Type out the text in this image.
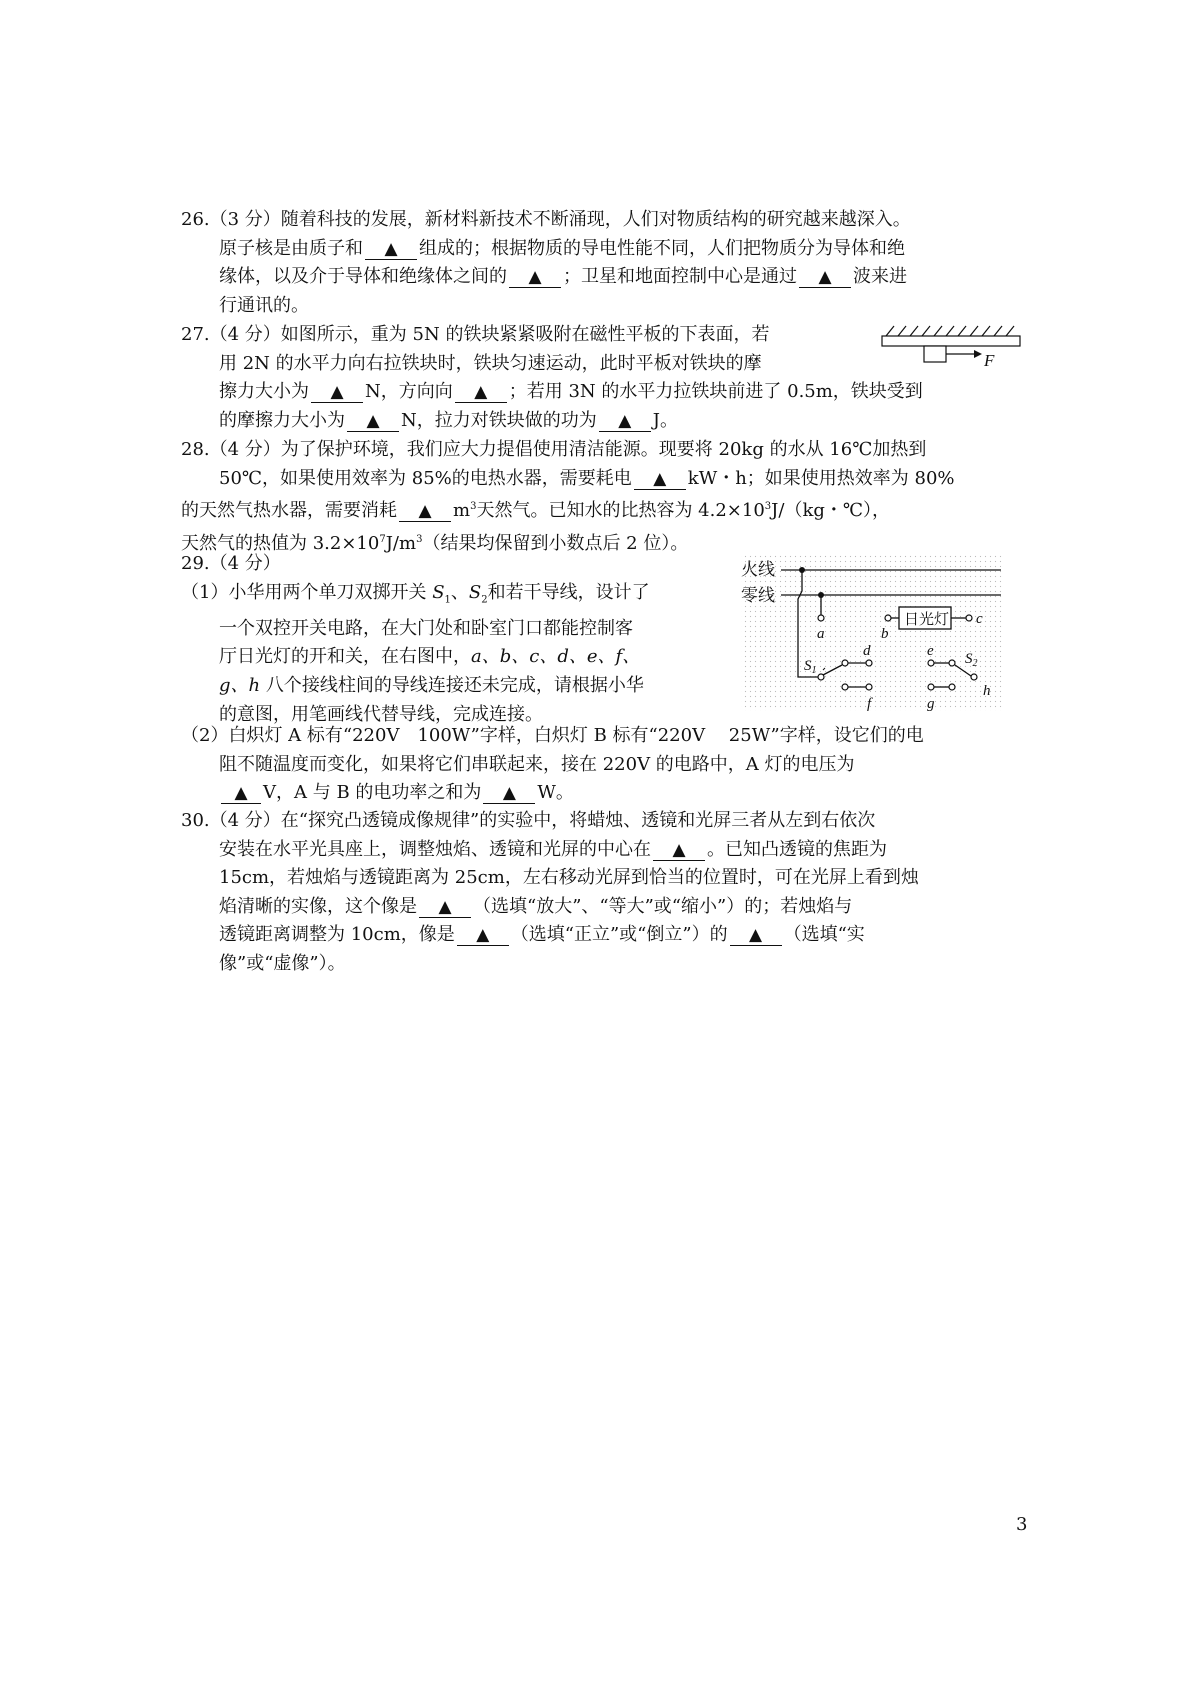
26.（3 分）随着科技的发展，新材料新技术不断涌现，人们对物质结构的研究越来越深入。
原子核是由质子和 ▲ 组成的；根据物质的导电性能不同，人们把物质分为导体和绝
缘体，以及介于导体和绝缘体之间的 ▲ ；卫星和地面控制中心是通过 ▲ 波来进
行通讯的。
27.（4 分）如图所示，重为 5N 的铁块紧紧吸附在磁性平板的下表面，若
用 2N 的水平力向右拉铁块时，铁块匀速运动，此时平板对铁块的摩
擦力大小为 ▲ N，方向向 ▲ ；若用 3N 的水平力拉铁块前进了 0.5m，铁块受到
的摩擦力大小为 ▲ N，拉力对铁块做的功为 ▲ J。
F
28.（4 分）为了保护环境，我们应大力提倡使用清洁能源。现要将 20kg 的水从 16℃加热到
50℃，如果使用效率为 85%的电热水器，需要耗电 ▲ kW・h；如果使用热效率为 80%
的天然气热水器，需要消耗 ▲ $m^3$天然气。已知水的比热容为 $4.2\times 10^3J/(kg$・℃），
天然气的热值为 $3.2\times 10^7J/m^3$（结果均保留到小数点后 2 位）。
29.（4 分）
（1）小华用两个单刀双掷开关 $S_1$、$S_2$和若干导线，设计了
一个双控开关电路，在大门处和卧室门口都能控制客
厅日光灯的开和关，在右图中，a、b、c、d、e、f、
g、h 八个接线柱间的导线连接还未完成，请根据小华
的意图，用笔画线代替导线，完成连接。
（2）白炽灯 A 标有“220V　100W”字样，白炽灯 B 标有“220V　 25W”字样，设它们的电
阻不随温度而变化，如果将它们串联起来，接在 220V 的电路中，A 灯的电压为
▲ V，A 与 B 的电功率之和为 ▲ W。
火线
零线
a	b
日光灯 c
$S_1$
d
f
e $S_2$
g
h
30.（4 分）在“探究凸透镜成像规律”的实验中，将蜡烛、透镜和光屏三者从左到右依次
安装在水平光具座上，调整烛焰、透镜和光屏的中心在 ▲ 。已知凸透镜的焦距为
15cm，若烛焰与透镜距离为 25cm，左右移动光屏到恰当的位置时，可在光屏上看到烛
焰清晰的实像，这个像是 ▲ （选填“放大”、“等大”或“缩小”）的；若烛焰与
透镜距离调整为 10cm，像是 ▲ （选填“正立”或“倒立”）的 ▲ （选填“实
像”或“虚像”）。
3
